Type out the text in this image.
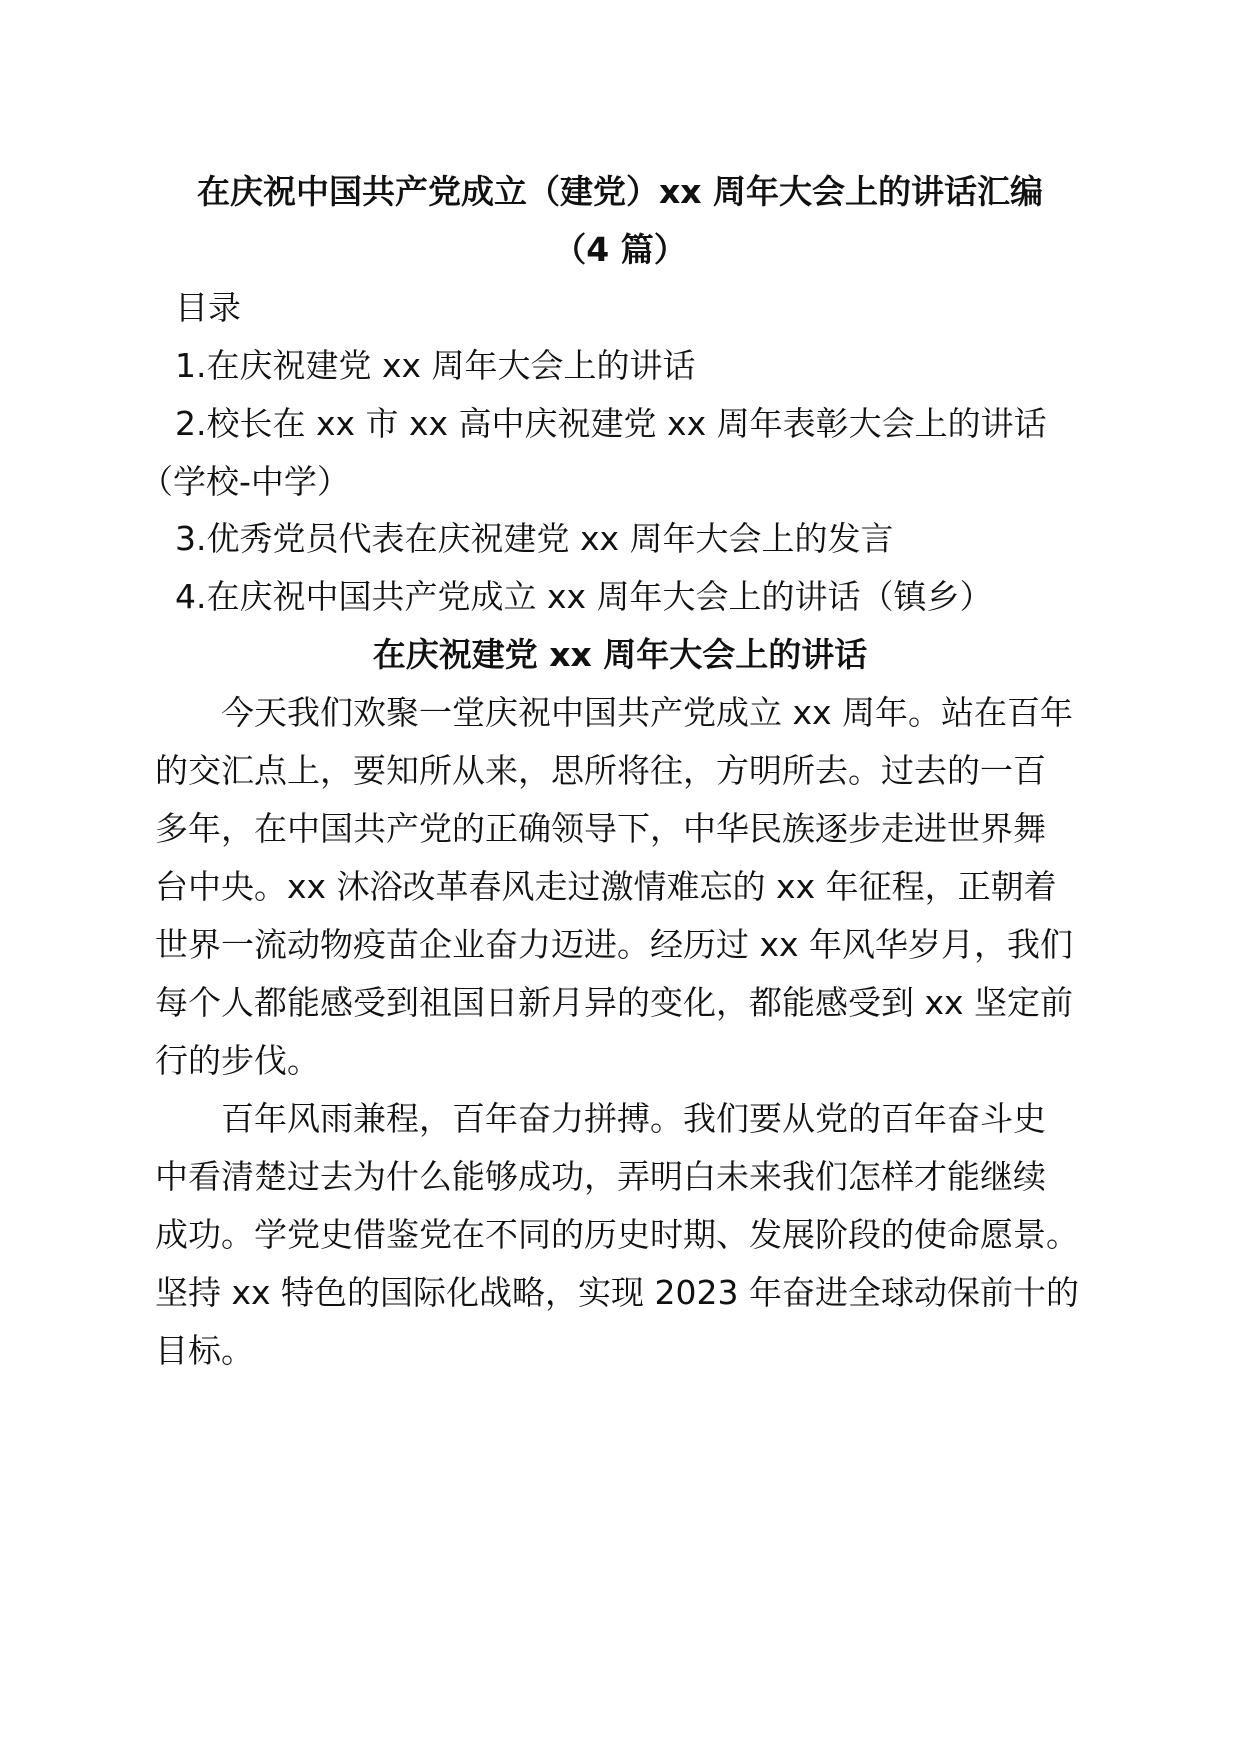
在庆祝中国共产党成立（建党）xx 周年大会上的讲话汇编
（4 篇）

目录

1.在庆祝建党 xx 周年大会上的讲话

2.校长在 xx 市 xx 高中庆祝建党 xx 周年表彰大会上的讲话

（学校-中学）

3.优秀党员代表在庆祝建党 xx 周年大会上的发言

4.在庆祝中国共产党成立 xx 周年大会上的讲话（镇乡）

在庆祝建党 xx 周年大会上的讲话

　　今天我们欢聚一堂庆祝中国共产党成立 xx 周年。站在百年

的交汇点上，要知所从来，思所将往，方明所去。过去的一百

多年，在中国共产党的正确领导下，中华民族逐步走进世界舞

台中央。xx 沐浴改革春风走过激情难忘的 xx 年征程，正朝着

世界一流动物疫苗企业奋力迈进。经历过 xx 年风华岁月，我们

每个人都能感受到祖国日新月异的变化，都能感受到 xx 坚定前

行的步伐。

　　百年风雨兼程，百年奋力拼搏。我们要从党的百年奋斗史

中看清楚过去为什么能够成功，弄明白未来我们怎样才能继续

成功。学党史借鉴党在不同的历史时期、发展阶段的使命愿景。

坚持 xx 特色的国际化战略，实现 2023 年奋进全球动保前十的

目标。
